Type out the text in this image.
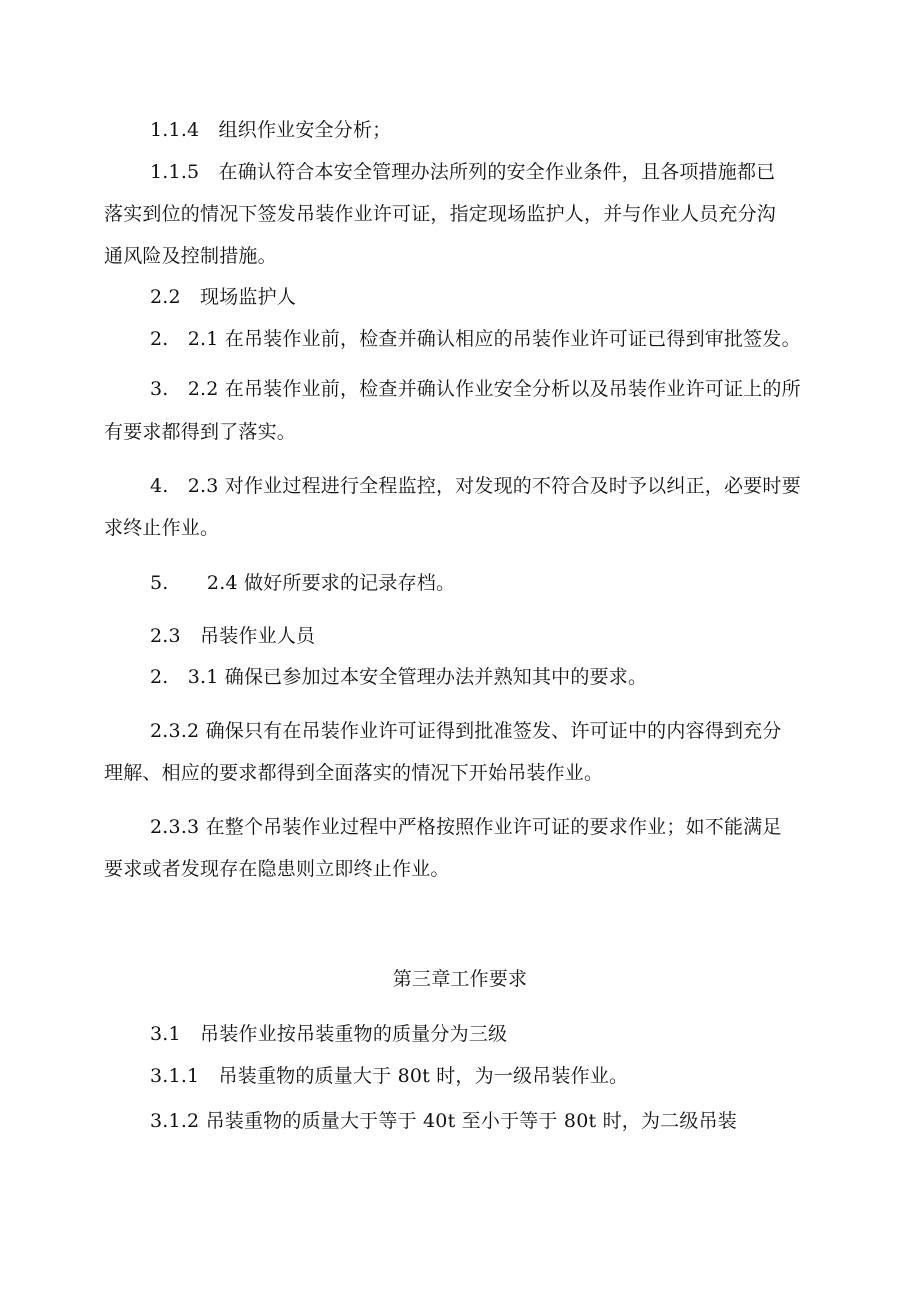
1.1.4　组织作业安全分析；
1.1.5　在确认符合本安全管理办法所列的安全作业条件，且各项措施都已
落实到位的情况下签发吊装作业许可证，指定现场监护人，并与作业人员充分沟
通风险及控制措施。
2.2　现场监护人
2.　2.1 在吊装作业前，检查并确认相应的吊装作业许可证已得到审批签发。
3.　2.2 在吊装作业前，检查并确认作业安全分析以及吊装作业许可证上的所
有要求都得到了落实。
4.　2.3 对作业过程进行全程监控，对发现的不符合及时予以纠正，必要时要
求终止作业。
5.　　2.4 做好所要求的记录存档。
2.3　吊装作业人员
2.　3.1 确保已参加过本安全管理办法并熟知其中的要求。
2.3.2 确保只有在吊装作业许可证得到批准签发、许可证中的内容得到充分
理解、相应的要求都得到全面落实的情况下开始吊装作业。
2.3.3 在整个吊装作业过程中严格按照作业许可证的要求作业；如不能满足
要求或者发现存在隐患则立即终止作业。
第三章工作要求
3.1　吊装作业按吊装重物的质量分为三级
3.1.1　吊装重物的质量大于 80t 时，为一级吊装作业。
3.1.2 吊装重物的质量大于等于 40t 至小于等于 80t 时，为二级吊装
